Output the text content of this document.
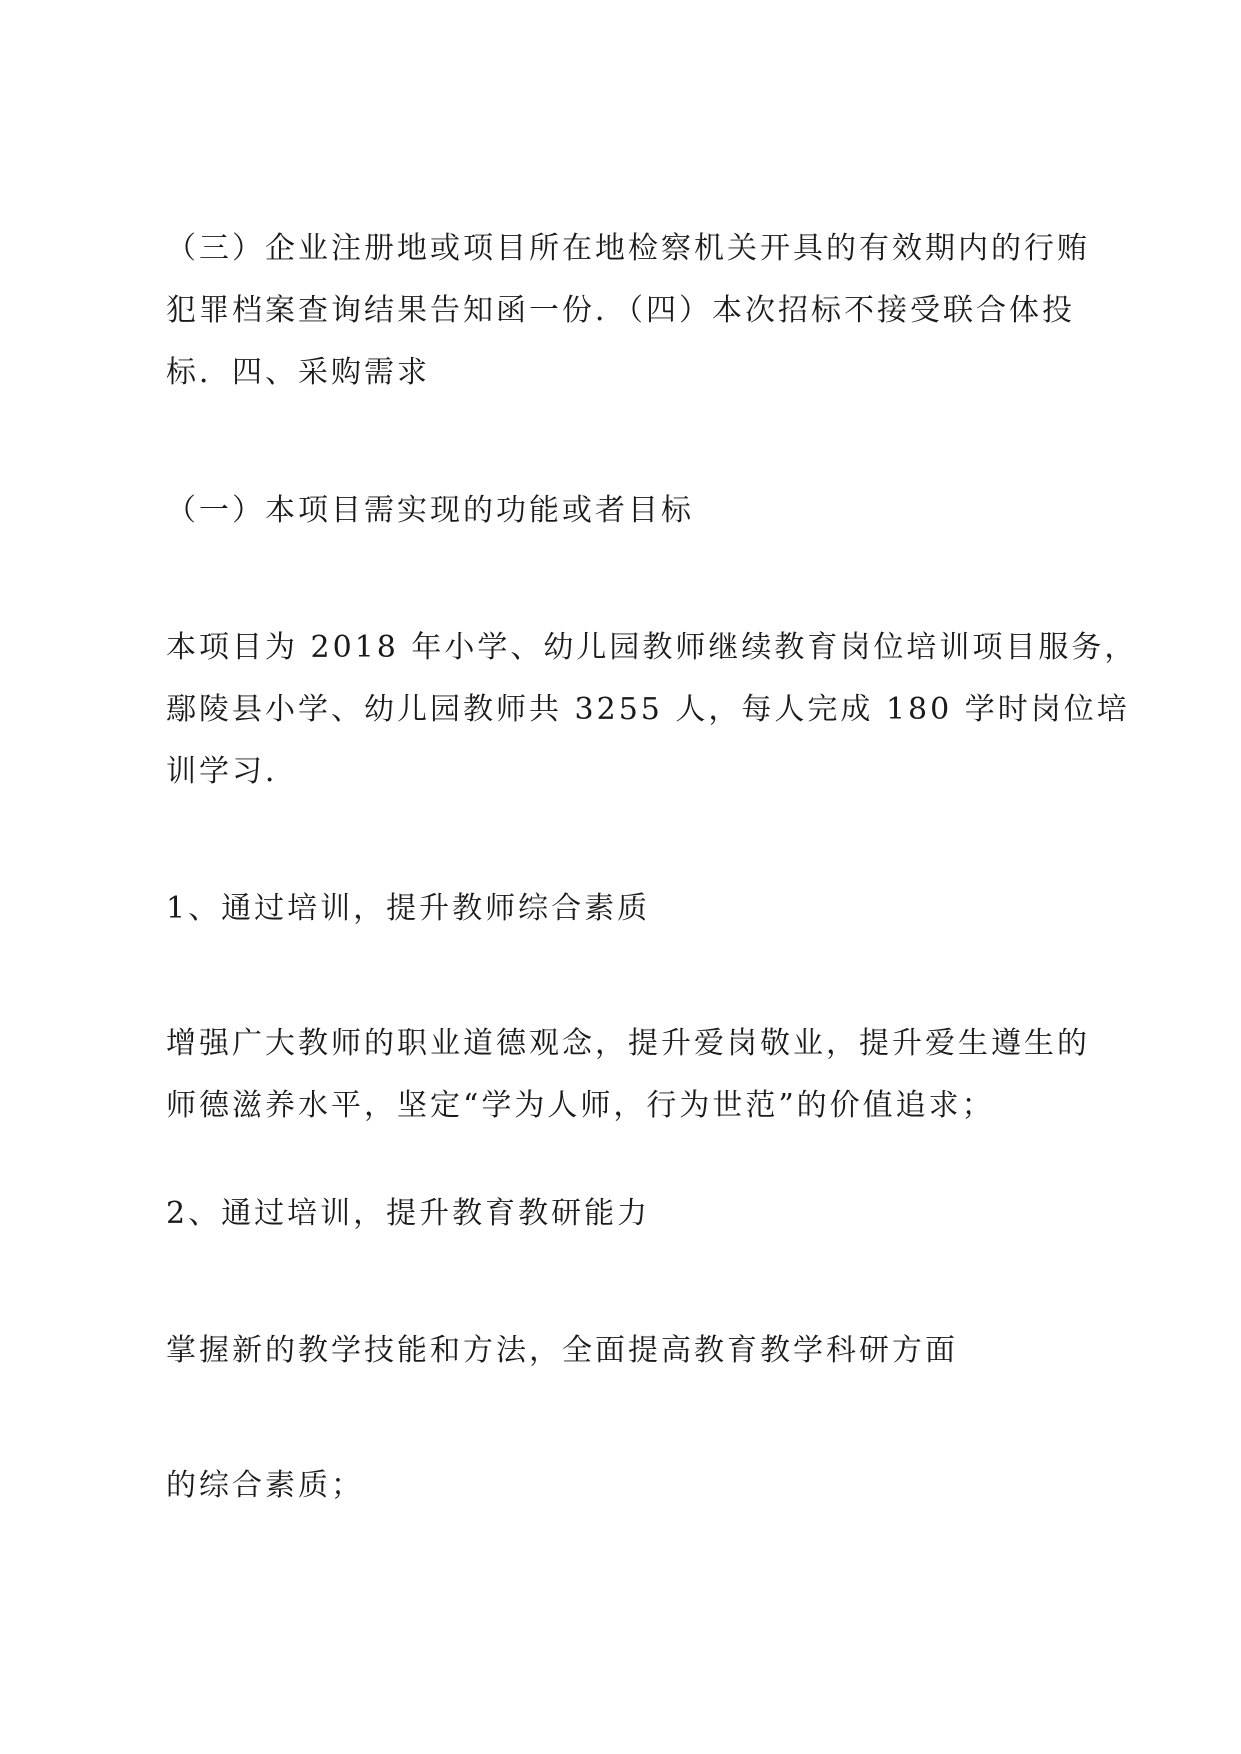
（三）企业注册地或项目所在地检察机关开具的有效期内的行贿
犯罪档案查询结果告知函一份．（四）本次招标不接受联合体投
标．四、采购需求
（一）本项目需实现的功能或者目标
本项目为 2018 年小学、幼儿园教师继续教育岗位培训项目服务，
鄢陵县小学、幼儿园教师共 3255 人，每人完成 180 学时岗位培
训学习．
1、通过培训，提升教师综合素质
增强广大教师的职业道德观念，提升爱岗敬业，提升爱生遵生的
师德滋养水平，坚定“学为人师，行为世范”的价值追求；
2、通过培训，提升教育教研能力
掌握新的教学技能和方法，全面提高教育教学科研方面
的综合素质；
